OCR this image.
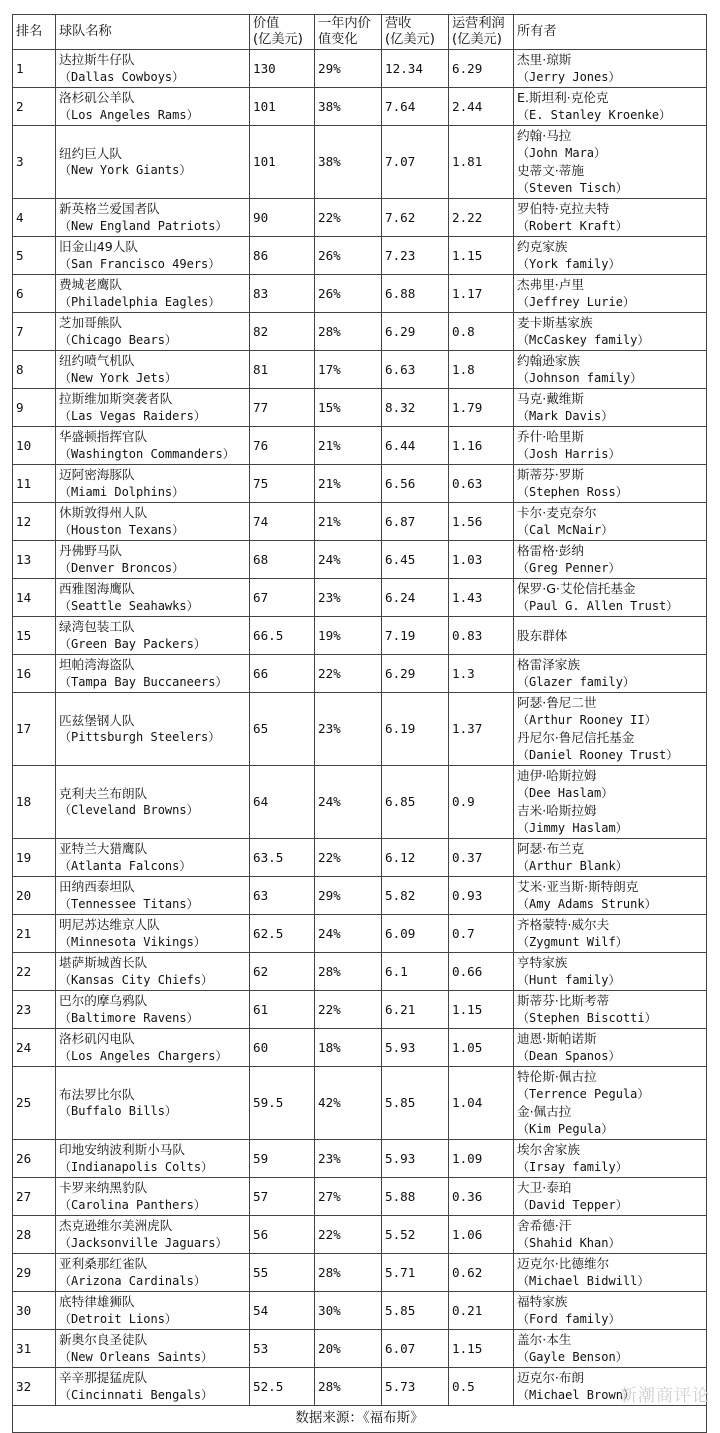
排名	球队名称	价值
(亿美元)	一年内价
值变化	营收
(亿美元)	运营利润
(亿美元)	所有者
1	达拉斯牛仔队
（Dallas Cowboys）	130	29%	12.34	6.29	杰里·琼斯
（Jerry Jones）

2	洛杉矶公羊队
（Los Angeles Rams）	101	38%	7.64	2.44	E.斯坦利·克伦克
（E. Stanley Kroenke）

3	纽约巨人队
（New York Giants）	101	38%	7.07	1.81	约翰·马拉
（John Mara）
史蒂文·蒂施
（Steven Tisch）

4	新英格兰爱国者队
（New England Patriots）	90	22%	7.62	2.22	罗伯特·克拉夫特
（Robert Kraft）

5	旧金山49人队
（San Francisco 49ers）	86	26%	7.23	1.15	约克家族
（York family）

6	费城老鹰队
（Philadelphia Eagles）	83	26%	6.88	1.17	杰弗里·卢里
（Jeffrey Lurie）

7	芝加哥熊队
（Chicago Bears）	82	28%	6.29	0.8	麦卡斯基家族
（McCaskey family）

8	纽约喷气机队
（New York Jets）	81	17%	6.63	1.8	约翰逊家族
（Johnson family）

9	拉斯维加斯突袭者队
（Las Vegas Raiders）	77	15%	8.32	1.79	马克·戴维斯
（Mark Davis）

10	华盛顿指挥官队
（Washington Commanders）	76	21%	6.44	1.16	乔什·哈里斯
（Josh Harris）

11	迈阿密海豚队
（Miami Dolphins）	75	21%	6.56	0.63	斯蒂芬·罗斯
（Stephen Ross）

12	休斯敦得州人队
（Houston Texans）	74	21%	6.87	1.56	卡尔·麦克奈尔
（Cal McNair）

13	丹佛野马队
（Denver Broncos）	68	24%	6.45	1.03	格雷格·彭纳
（Greg Penner）

14	西雅图海鹰队
（Seattle Seahawks）	67	23%	6.24	1.43	保罗·G·艾伦信托基金
（Paul G. Allen Trust）

15	绿湾包装工队
（Green Bay Packers）	66.5	19%	7.19	0.83	股东群体

16	坦帕湾海盗队
（Tampa Bay Buccaneers）	66	22%	6.29	1.3	格雷泽家族
（Glazer family）

17	匹兹堡钢人队
（Pittsburgh Steelers）	65	23%	6.19	1.37	阿瑟·鲁尼二世
（Arthur Rooney II）
丹尼尔·鲁尼信托基金
（Daniel Rooney Trust）

18	克利夫兰布朗队
（Cleveland Browns）	64	24%	6.85	0.9	迪伊·哈斯拉姆
（Dee Haslam）
吉米·哈斯拉姆
（Jimmy Haslam）

19	亚特兰大猎鹰队
（Atlanta Falcons）	63.5	22%	6.12	0.37	阿瑟·布兰克
（Arthur Blank）

20	田纳西泰坦队
（Tennessee Titans）	63	29%	5.82	0.93	艾米·亚当斯·斯特朗克
（Amy Adams Strunk）

21	明尼苏达维京人队
（Minnesota Vikings）	62.5	24%	6.09	0.7	齐格蒙特·威尔夫
（Zygmunt Wilf）

22	堪萨斯城酋长队
（Kansas City Chiefs）	62	28%	6.1	0.66	亨特家族
（Hunt family）

23	巴尔的摩乌鸦队
（Baltimore Ravens）	61	22%	6.21	1.15	斯蒂芬·比斯考蒂
（Stephen Biscotti）

24	洛杉矶闪电队
（Los Angeles Chargers）	60	18%	5.93	1.05	迪恩·斯帕诺斯
（Dean Spanos）

25	布法罗比尔队
（Buffalo Bills）	59.5	42%	5.85	1.04	特伦斯·佩古拉
（Terrence Pegula）
金·佩古拉
（Kim Pegula）

26	印地安纳波利斯小马队
（Indianapolis Colts）	59	23%	5.93	1.09	埃尔舍家族
（Irsay family）

27	卡罗来纳黑豹队
（Carolina Panthers）	57	27%	5.88	0.36	大卫·泰珀
（David Tepper）

28	杰克逊维尔美洲虎队
（Jacksonville Jaguars）	56	22%	5.52	1.06	舍希德·汗
（Shahid Khan）

29	亚利桑那红雀队
（Arizona Cardinals）	55	28%	5.71	0.62	迈克尔·比德维尔
（Michael Bidwill）

30	底特律雄狮队
（Detroit Lions）	54	30%	5.85	0.21	福特家族
（Ford family）

31	新奥尔良圣徒队
（New Orleans Saints）	53	20%	6.07	1.15	盖尔·本生
（Gayle Benson）

32	辛辛那提猛虎队
（Cincinnati Bengals）	52.5	28%	5.73	0.5	迈克尔·布朗
（Michael Brown）

数据来源：《福布斯》						
新潮商评论
